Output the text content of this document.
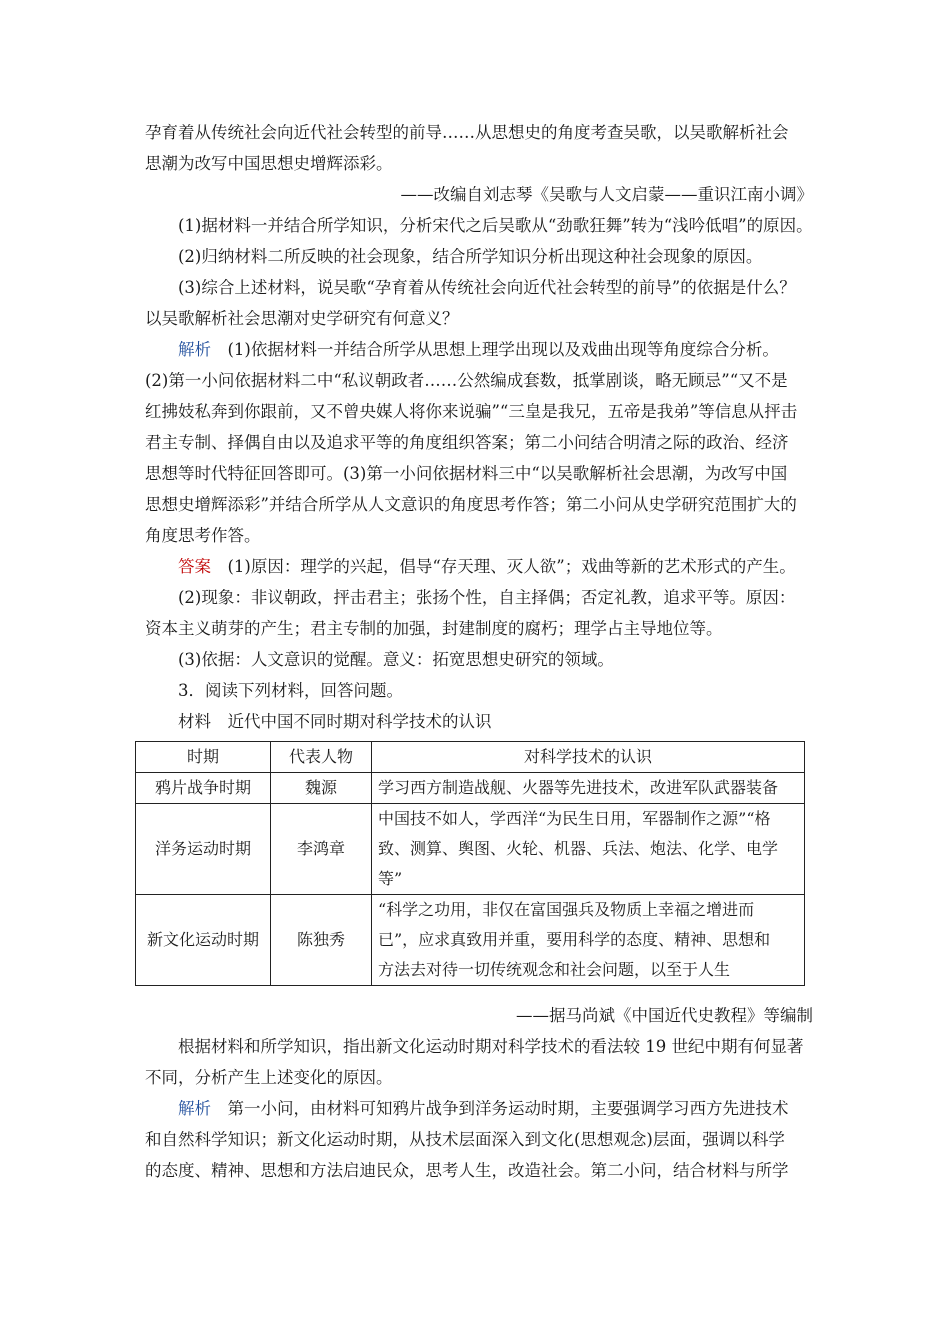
孕育着从传统社会向近代社会转型的前导……从思想史的角度考查吴歌，以吴歌解析社会

思潮为改写中国思想史增辉添彩。

——改编自刘志琴《吴歌与人文启蒙——重识江南小调》

(1)据材料一并结合所学知识，分析宋代之后吴歌从“劲歌狂舞”转为“浅吟低唱”的原因。

(2)归纳材料二所反映的社会现象，结合所学知识分析出现这种社会现象的原因。

(3)综合上述材料，说吴歌“孕育着从传统社会向近代社会转型的前导”的依据是什么？

以吴歌解析社会思潮对史学研究有何意义？

解析　 (1)依据材料一并结合所学从思想上理学出现以及戏曲出现等角度综合分析。

(2)第一小问依据材料二中“私议朝政者……公然编成套数，抵掌剧谈，略无顾忌”“又不是

红拂妓私奔到你跟前，又不曾央媒人将你来说骗”“三皇是我兄，五帝是我弟”等信息从抨击

君主专制、择偶自由以及追求平等的角度组织答案；第二小问结合明清之际的政治、经济

思想等时代特征回答即可。(3)第一小问依据材料三中“以吴歌解析社会思潮，为改写中国

思想史增辉添彩”并结合所学从人文意识的角度思考作答；第二小问从史学研究范围扩大的

角度思考作答。

答案　 (1)原因：理学的兴起，倡导“存天理、灭人欲”；戏曲等新的艺术形式的产生。

(2)现象：非议朝政，抨击君主；张扬个性，自主择偶；否定礼教，追求平等。原因：

资本主义萌芽的产生；君主专制的加强，封建制度的腐朽；理学占主导地位等。

(3)依据：人文意识的觉醒。意义：拓宽思想史研究的领域。

3．阅读下列材料，回答问题。

材料　近代中国不同时期对科学技术的认识

时期	代表人物	对科学技术的认识
鸦片战争时期	魏源	学习西方制造战舰、火器等先进技术，改进军队武器装备

洋务运动时期	李鸿章	中国技不如人，学西洋“为民生日用，军器制作之源”“格
致、测算、舆图、火轮、机器、兵法、炮法、化学、电学
等”

新文化运动时期	陈独秀	“科学之功用，非仅在富国强兵及物质上幸福之增进而
已”，应求真致用并重，要用科学的态度、精神、思想和
方法去对待一切传统观念和社会问题，以至于人生

——据马尚斌《中国近代史教程》等编制

根据材料和所学知识，指出新文化运动时期对科学技术的看法较 19 世纪中期有何显著

不同，分析产生上述变化的原因。

解析　 第一小问，由材料可知鸦片战争到洋务运动时期，主要强调学习西方先进技术

和自然科学知识；新文化运动时期，从技术层面深入到文化(思想观念)层面，强调以科学

的态度、精神、思想和方法启迪民众，思考人生，改造社会。第二小问，结合材料与所学
